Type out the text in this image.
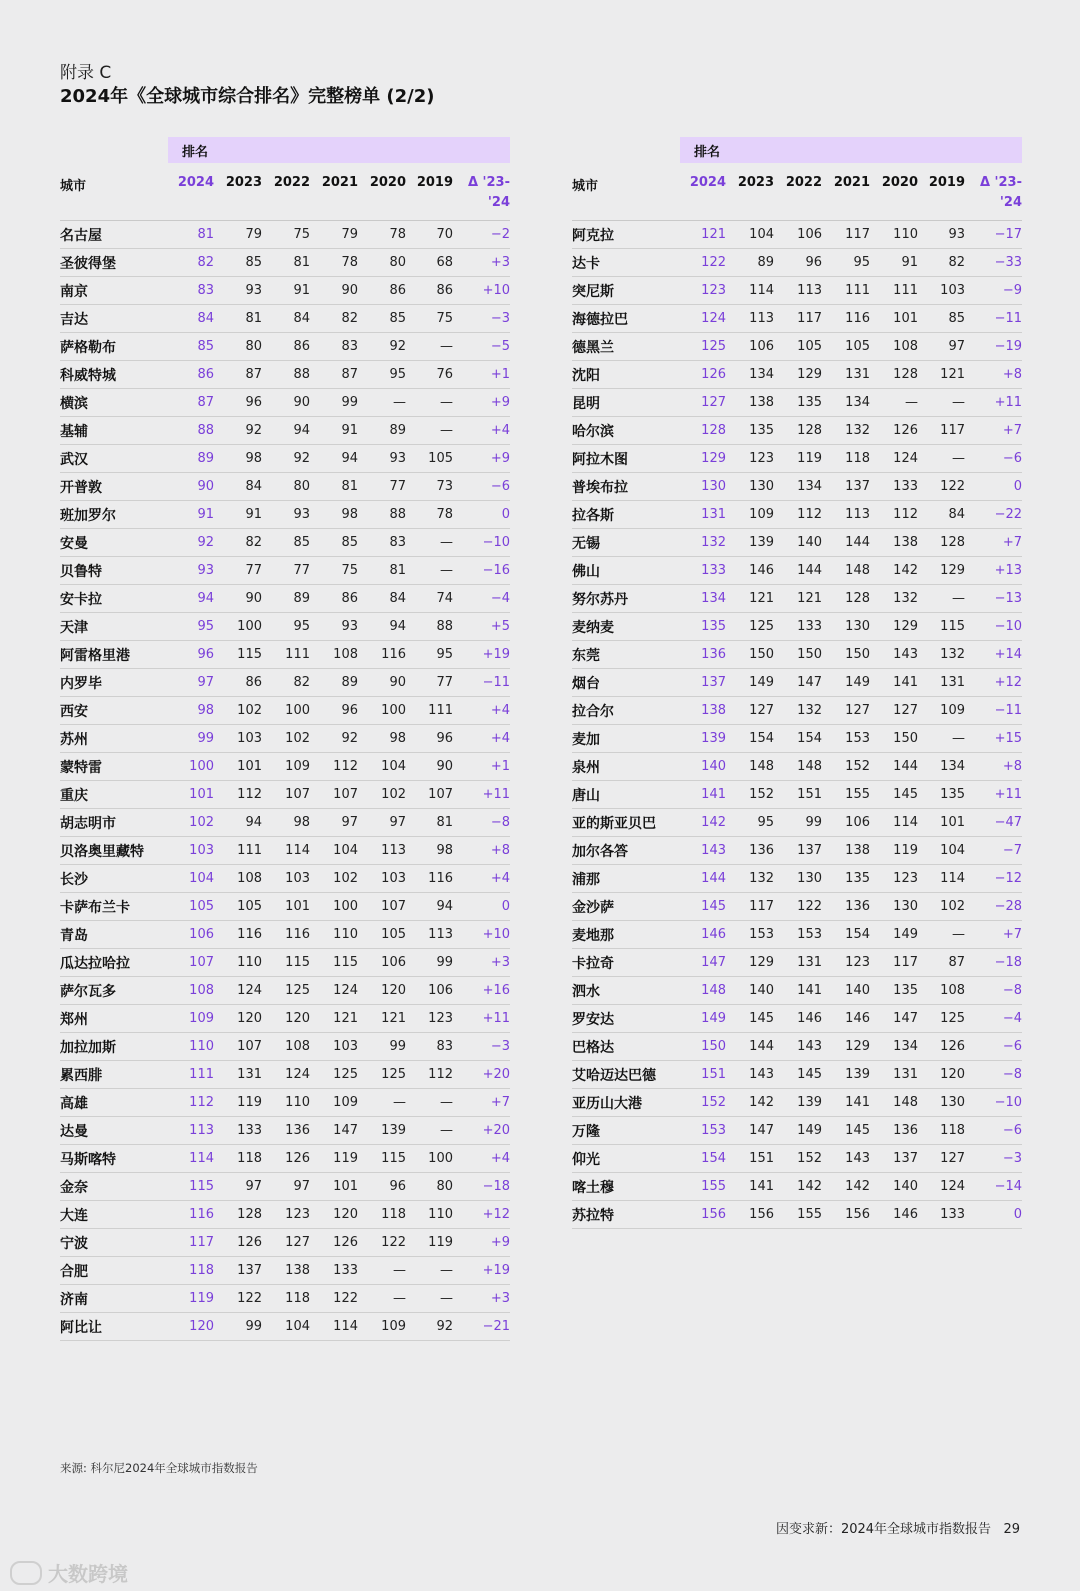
附录 C
2024年《全球城市综合排名》完整榜单 (2/2)
排名
城市	2024	2023	2022	2021	2020	2019	Δ '23-
'24
名古屋	81	79	75	79	78	70	−2
圣彼得堡	82	85	81	78	80	68	+3
南京	83	93	91	90	86	86	+10
吉达	84	81	84	82	85	75	−3
萨格勒布	85	80	86	83	92	—	−5
科威特城	86	87	88	87	95	76	+1
横滨	87	96	90	99	—	—	+9
基辅	88	92	94	91	89	—	+4
武汉	89	98	92	94	93	105	+9
开普敦	90	84	80	81	77	73	−6
班加罗尔	91	91	93	98	88	78	0
安曼	92	82	85	85	83	—	−10
贝鲁特	93	77	77	75	81	—	−16
安卡拉	94	90	89	86	84	74	−4
天津	95	100	95	93	94	88	+5
阿雷格里港	96	115	111	108	116	95	+19
内罗毕	97	86	82	89	90	77	−11
西安	98	102	100	96	100	111	+4
苏州	99	103	102	92	98	96	+4
蒙特雷	100	101	109	112	104	90	+1
重庆	101	112	107	107	102	107	+11
胡志明市	102	94	98	97	97	81	−8
贝洛奥里藏特	103	111	114	104	113	98	+8
长沙	104	108	103	102	103	116	+4
卡萨布兰卡	105	105	101	100	107	94	0
青岛	106	116	116	110	105	113	+10
瓜达拉哈拉	107	110	115	115	106	99	+3
萨尔瓦多	108	124	125	124	120	106	+16
郑州	109	120	120	121	121	123	+11
加拉加斯	110	107	108	103	99	83	−3
累西腓	111	131	124	125	125	112	+20
高雄	112	119	110	109	—	—	+7
达曼	113	133	136	147	139	—	+20
马斯喀特	114	118	126	119	115	100	+4
金奈	115	97	97	101	96	80	−18
大连	116	128	123	120	118	110	+12
宁波	117	126	127	126	122	119	+9
合肥	118	137	138	133	—	—	+19
济南	119	122	118	122	—	—	+3
阿比让	120	99	104	114	109	92	−21
排名
城市	2024	2023	2022	2021	2020	2019	Δ '23-
'24
阿克拉	121	104	106	117	110	93	−17
达卡	122	89	96	95	91	82	−33
突尼斯	123	114	113	111	111	103	−9
海德拉巴	124	113	117	116	101	85	−11
德黑兰	125	106	105	105	108	97	−19
沈阳	126	134	129	131	128	121	+8
昆明	127	138	135	134	—	—	+11
哈尔滨	128	135	128	132	126	117	+7
阿拉木图	129	123	119	118	124	—	−6
普埃布拉	130	130	134	137	133	122	0
拉各斯	131	109	112	113	112	84	−22
无锡	132	139	140	144	138	128	+7
佛山	133	146	144	148	142	129	+13
努尔苏丹	134	121	121	128	132	—	−13
麦纳麦	135	125	133	130	129	115	−10
东莞	136	150	150	150	143	132	+14
烟台	137	149	147	149	141	131	+12
拉合尔	138	127	132	127	127	109	−11
麦加	139	154	154	153	150	—	+15
泉州	140	148	148	152	144	134	+8
唐山	141	152	151	155	145	135	+11
亚的斯亚贝巴	142	95	99	106	114	101	−47
加尔各答	143	136	137	138	119	104	−7
浦那	144	132	130	135	123	114	−12
金沙萨	145	117	122	136	130	102	−28
麦地那	146	153	153	154	149	—	+7
卡拉奇	147	129	131	123	117	87	−18
泗水	148	140	141	140	135	108	−8
罗安达	149	145	146	146	147	125	−4
巴格达	150	144	143	129	134	126	−6
艾哈迈达巴德	151	143	145	139	131	120	−8
亚历山大港	152	142	139	141	148	130	−10
万隆	153	147	149	145	136	118	−6
仰光	154	151	152	143	137	127	−3
喀土穆	155	141	142	142	140	124	−14
苏拉特	156	156	155	156	146	133	0
来源: 科尔尼2024年全球城市指数报告
因变求新：2024年全球城市指数报告 29
大数跨境
